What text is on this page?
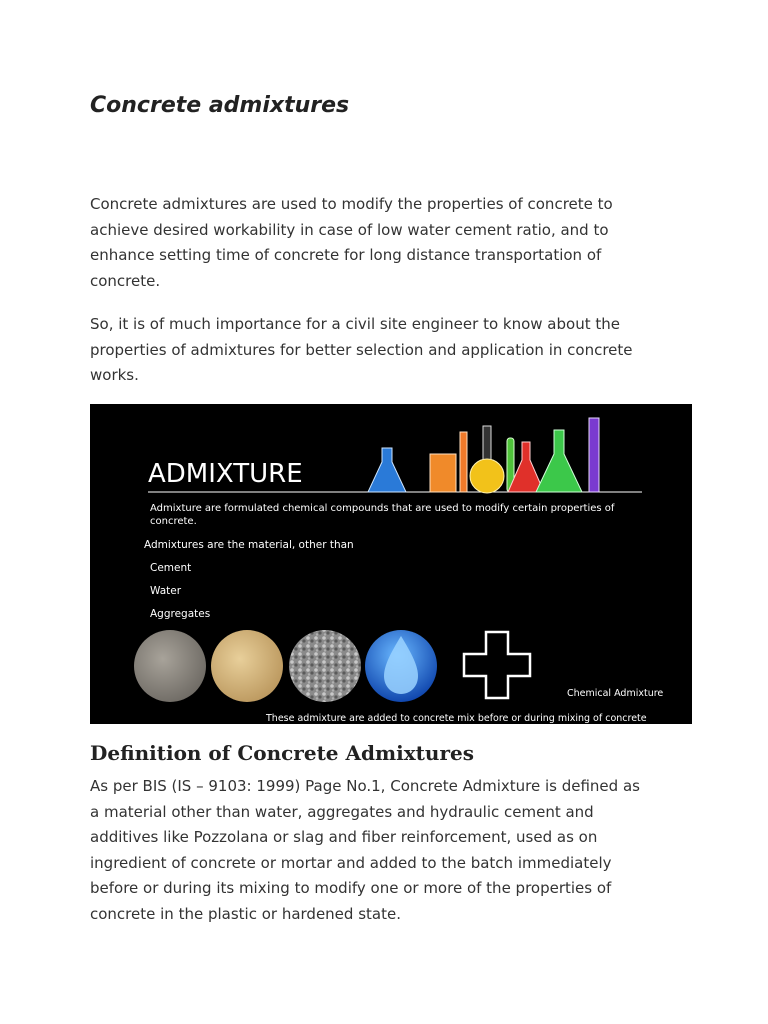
Concrete admixtures

Concrete admixtures are used to modify the properties of concrete to achieve desired workability in case of low water cement ratio, and to enhance setting time of concrete for long distance transportation of concrete.

So, it is of much importance for a civil site engineer to know about the properties of admixtures for better selection and application in concrete works.

ADMIXTURE
Admixture are formulated chemical compounds that are used to modify certain properties of
concrete.
Admixtures are the material, other than
Cement
Water
Aggregates
Chemical Admixture
These admixture are added to concrete mix before or during mixing of concrete
Definition of Concrete Admixtures

As per BIS (IS – 9103: 1999) Page No.1, Concrete Admixture is defined as a material other than water, aggregates and hydraulic cement and additives like Pozzolana or slag and fiber reinforcement, used as on ingredient of concrete or mortar and added to the batch immediately before or during its mixing to modify one or more of the properties of concrete in the plastic or hardened state.
